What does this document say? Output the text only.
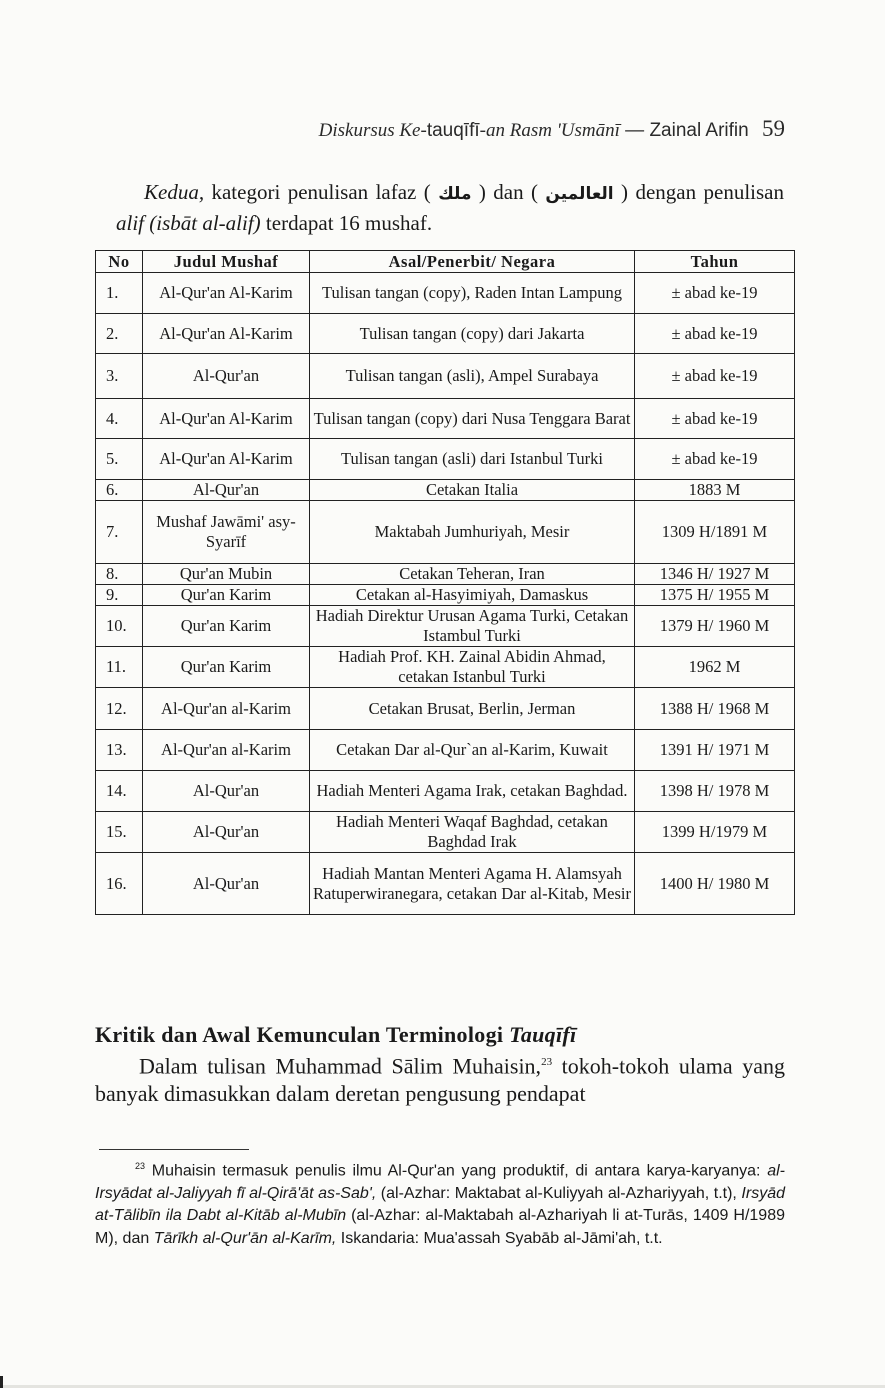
Diskursus Ke-tauqīfī-an Rasm 'Usmānī — Zainal Arifin 59

Kedua, kategori penulisan lafaz ( ملك ) dan ( العالمين ) dengan penulisan alif (isbāt al-alif) terdapat 16 mushaf.

No	Judul Mushaf	Asal/Penerbit/ Negara	Tahun
1.	Al-Qur'an Al-Karim	Tulisan tangan (copy), Raden Intan Lampung	± abad ke-19
2.	Al-Qur'an Al-Karim	Tulisan tangan (copy) dari Jakarta	± abad ke-19
3.	Al-Qur'an	Tulisan tangan (asli), Ampel Surabaya	± abad ke-19
4.	Al-Qur'an Al-Karim	Tulisan tangan (copy) dari Nusa Tenggara Barat	± abad ke-19
5.	Al-Qur'an Al-Karim	Tulisan tangan (asli) dari Istanbul Turki	± abad ke-19
6.	Al-Qur'an	Cetakan Italia	1883 M
7.	Mushaf Jawāmi' asy-Syarīf	Maktabah Jumhuriyah, Mesir	1309 H/1891 M
8.	Qur'an Mubin	Cetakan Teheran, Iran	1346 H/ 1927 M
9.	Qur'an Karim	Cetakan al-Hasyimiyah, Damaskus	1375 H/ 1955 M
10.	Qur'an Karim	Hadiah Direktur Urusan Agama Turki, Cetakan Istambul Turki	1379 H/ 1960 M
11.	Qur'an Karim	Hadiah Prof. KH. Zainal Abidin Ahmad, cetakan Istanbul Turki	1962 M
12.	Al-Qur'an al-Karim	Cetakan Brusat, Berlin, Jerman	1388 H/ 1968 M
13.	Al-Qur'an al-Karim	Cetakan Dar al-Qur`an al-Karim, Kuwait	1391 H/ 1971 M
14.	Al-Qur'an	Hadiah Menteri Agama Irak, cetakan Baghdad.	1398 H/ 1978 M
15.	Al-Qur'an	Hadiah Menteri Waqaf Baghdad, cetakan Baghdad Irak	1399 H/1979 M
16.	Al-Qur'an	Hadiah Mantan Menteri Agama H. Alamsyah Ratuperwiranegara, cetakan Dar al-Kitab, Mesir	1400 H/ 1980 M
Kritik dan Awal Kemunculan Terminologi Tauqīfī

Dalam tulisan Muhammad Sālim Muhaisin,$^{23}$ tokoh-tokoh ulama yang banyak dimasukkan dalam deretan pengusung pendapat

$^{23}$ Muhaisin termasuk penulis ilmu Al-Qur'an yang produktif, di antara karya-karyanya: al-Irsyādat al-Jaliyyah fī al-Qirā'āt as-Sab', (al-Azhar: Maktabat al-Kuliyyah al-Azhariyyah, t.t), Irsyād at-Tālibīn ila Dabt al-Kitāb al-Mubīn (al-Azhar: al-Maktabah al-Azhariyah li at-Turās, 1409 H/1989 M), dan Tārīkh al-Qur'ān al-Karīm, Iskandaria: Mua'assah Syabāb al-Jāmi'ah, t.t.
